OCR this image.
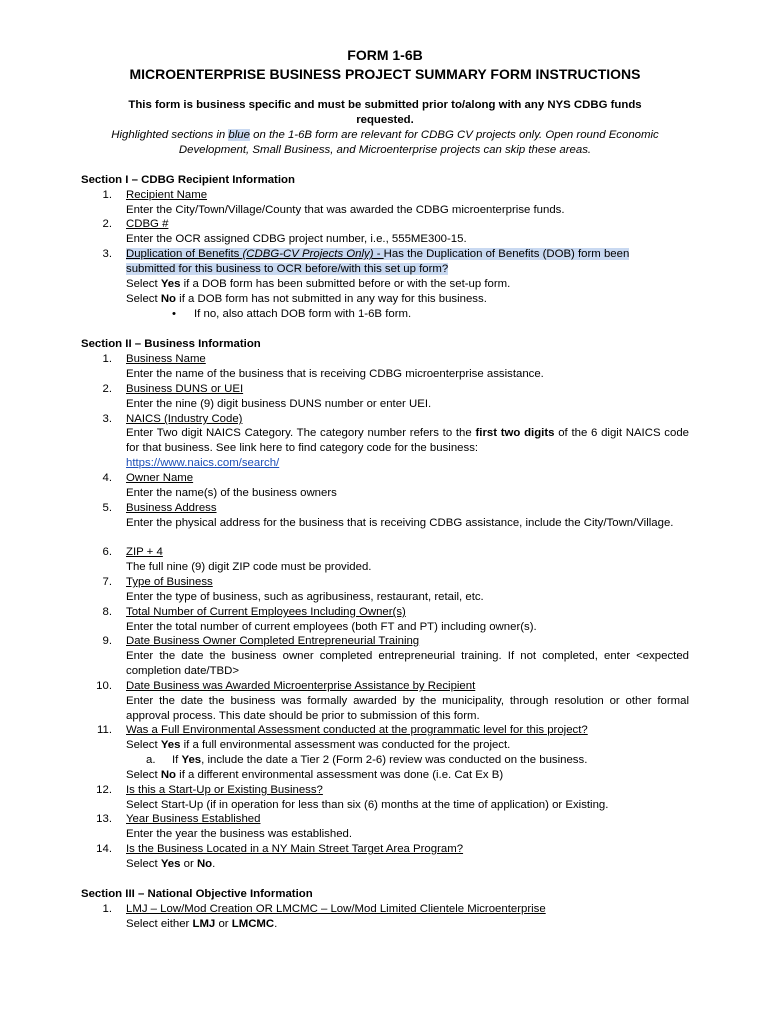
FORM 1-6B
MICROENTERPRISE BUSINESS PROJECT SUMMARY FORM INSTRUCTIONS
This form is business specific and must be submitted prior to/along with any NYS CDBG funds
requested.
Highlighted sections in blue on the 1-6B form are relevant for CDBG CV projects only. Open round Economic
Development, Small Business, and Microenterprise projects can skip these areas.
Section I – CDBG Recipient Information
1. Recipient Name
Enter the City/Town/Village/County that was awarded the CDBG microenterprise funds.
2. CDBG #
Enter the OCR assigned CDBG project number, i.e., 555ME300-15.
3. Duplication of Benefits (CDBG-CV Projects Only) - Has the Duplication of Benefits (DOB) form been
submitted for this business to OCR before/with this set up form?
Select Yes if a DOB form has been submitted before or with the set-up form.
Select No if a DOB form has not submitted in any way for this business.
• If no, also attach DOB form with 1-6B form.
Section II – Business Information
1. Business Name
Enter the name of the business that is receiving CDBG microenterprise assistance.
2. Business DUNS or UEI
Enter the nine (9) digit business DUNS number or enter UEI.
3. NAICS (Industry Code)
Enter Two digit NAICS Category. The category number refers to the first two digits of the 6 digit NAICS code for that business. See link here to find category code for the business:
https://www.naics.com/search/
4. Owner Name
Enter the name(s) of the business owners
5. Business Address
Enter the physical address for the business that is receiving CDBG assistance, include the City/Town/Village.
6. ZIP + 4
The full nine (9) digit ZIP code must be provided.
7. Type of Business
Enter the type of business, such as agribusiness, restaurant, retail, etc.
8. Total Number of Current Employees Including Owner(s)
Enter the total number of current employees (both FT and PT) including owner(s).
9. Date Business Owner Completed Entrepreneurial Training
Enter the date the business owner completed entrepreneurial training. If not completed, enter <expected completion date/TBD>
10. Date Business was Awarded Microenterprise Assistance by Recipient
Enter the date the business was formally awarded by the municipality, through resolution or other formal approval process. This date should be prior to submission of this form.
11. Was a Full Environmental Assessment conducted at the programmatic level for this project?
Select Yes if a full environmental assessment was conducted for the project.
a. If Yes, include the date a Tier 2 (Form 2-6) review was conducted on the business.
Select No if a different environmental assessment was done (i.e. Cat Ex B)
12. Is this a Start-Up or Existing Business?
Select Start-Up (if in operation for less than six (6) months at the time of application) or Existing.
13. Year Business Established
Enter the year the business was established.
14. Is the Business Located in a NY Main Street Target Area Program?
Select Yes or No.
Section III – National Objective Information
1. LMJ – Low/Mod Creation OR LMCMC – Low/Mod Limited Clientele Microenterprise
Select either LMJ or LMCMC.
